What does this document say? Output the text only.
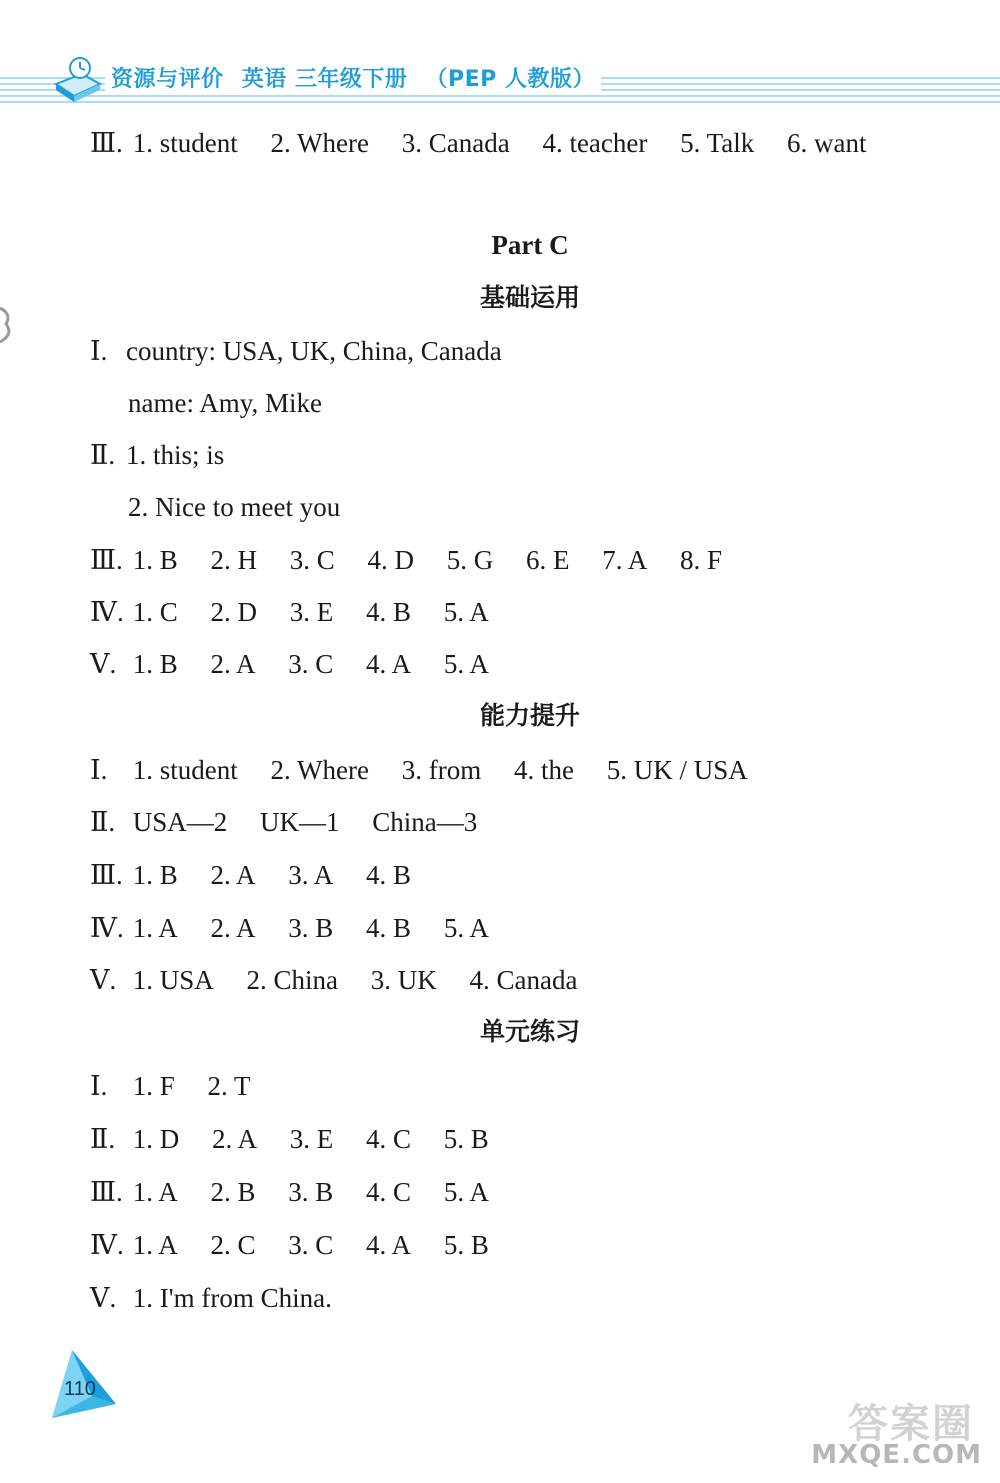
资源与评价 英语 三年级下册 （PEP 人教版）
Ⅲ. 1. student 2. Where 3. Canada 4. teacher 5. Talk 6. want
Part C
基础运用
Ⅰ. country: USA, UK, China, Canada
name: Amy, Mike
Ⅱ. 1. this; is
2. Nice to meet you
Ⅲ. 1. B 2. H 3. C 4. D 5. G 6. E 7. A 8. F
Ⅳ. 1. C 2. D 3. E 4. B 5. A
Ⅴ. 1. B 2. A 3. C 4. A 5. A
能力提升
Ⅰ. 1. student 2. Where 3. from 4. the 5. UK / USA
Ⅱ. USA—2 UK—1 China—3
Ⅲ. 1. B 2. A 3. A 4. B
Ⅳ. 1. A 2. A 3. B 4. B 5. A
Ⅴ. 1. USA 2. China 3. UK 4. Canada
单元练习
Ⅰ. 1. F 2. T
Ⅱ. 1. D 2. A 3. E 4. C 5. B
Ⅲ. 1. A 2. B 3. B 4. C 5. A
Ⅳ. 1. A 2. C 3. C 4. A 5. B
Ⅴ. 1. I'm from China.
110
答案圈
MXQE.COM
